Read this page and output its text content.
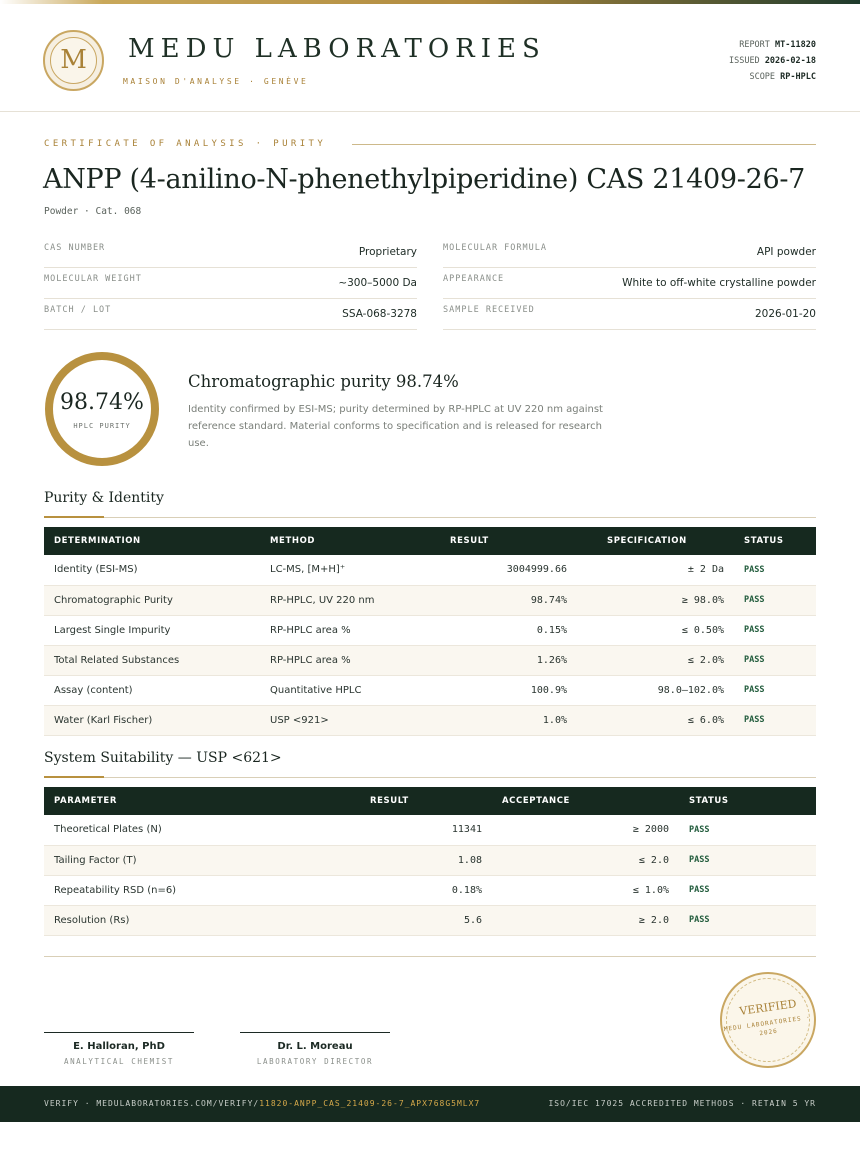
M	MEDU LABORATORIES
MAISON D'ANALYSE · GENÈVE
REPORT MT-11820
ISSUED 2026-02-18
SCOPE RP-HPLC
CERTIFICATE OF ANALYSIS · PURITY
ANPP (4-anilino-N-phenethylpiperidine) CAS 21409-26-7
Powder · Cat. 068
CAS NUMBER	Proprietary
MOLECULAR WEIGHT	~300–5000 Da
BATCH / LOT	SSA-068-3278
MOLECULAR FORMULA	API powder
APPEARANCE	White to off-white crystalline powder
SAMPLE RECEIVED	2026-01-20
98.74%
HPLC PURITY
Chromatographic purity 98.74%
Identity confirmed by ESI-MS; purity determined by RP-HPLC at UV 220 nm against reference standard. Material conforms to specification and is released for research use.
Purity & Identity
DETERMINATION	METHOD	RESULT	SPECIFICATION	STATUS
Identity (ESI-MS)	LC-MS, [M+H]⁺	3004999.66	± 2 Da	PASS
Chromatographic Purity	RP-HPLC, UV 220 nm	98.74%	≥ 98.0%	PASS
Largest Single Impurity	RP-HPLC area %	0.15%	≤ 0.50%	PASS
Total Related Substances	RP-HPLC area %	1.26%	≤ 2.0%	PASS
Assay (content)	Quantitative HPLC	100.9%	98.0–102.0%	PASS
Water (Karl Fischer)	USP <921>	1.0%	≤ 6.0%	PASS
System Suitability — USP <621>
PARAMETER	RESULT	ACCEPTANCE	STATUS
Theoretical Plates (N)	11341	≥ 2000	PASS
Tailing Factor (T)	1.08	≤ 2.0	PASS
Repeatability RSD (n=6)	0.18%	≤ 1.0%	PASS
Resolution (Rs)	5.6	≥ 2.0	PASS
E. Halloran, PhD
ANALYTICAL CHEMIST
Dr. L. Moreau
LABORATORY DIRECTOR
VERIFIED
MEDU LABORATORIES · 2026
VERIFY · MEDULABORATORIES.COM/VERIFY/11820-ANPP_CAS_21409-26-7_APX768G5MLX7	ISO/IEC 17025 ACCREDITED METHODS · RETAIN 5 YR
